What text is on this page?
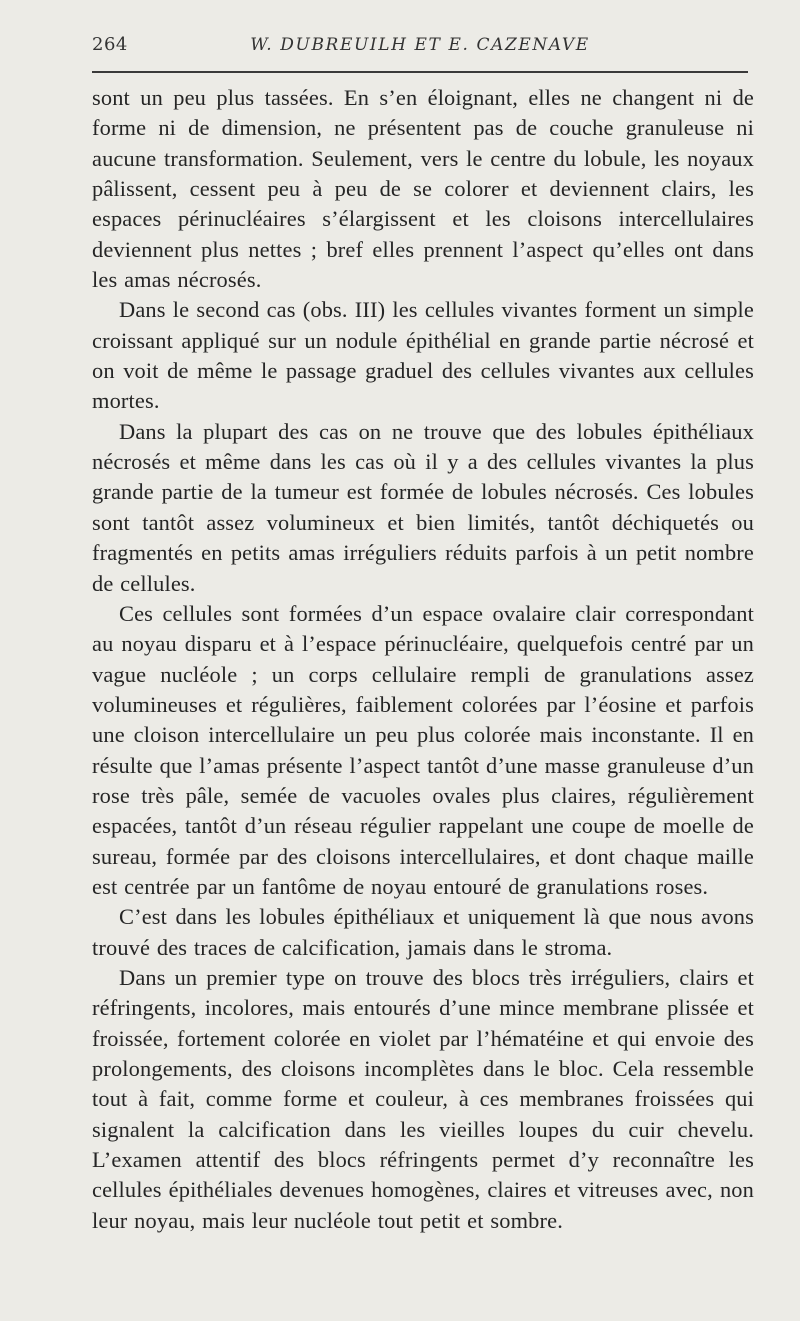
264	W. DUBREUILH ET E. CAZENAVE

sont un peu plus tassées. En s’en éloignant, elles ne changent ni de forme ni de dimension, ne présentent pas de couche granuleuse ni aucune transformation. Seulement, vers le centre du lobule, les noyaux pâlissent, cessent peu à peu de se colorer et deviennent clairs, les espaces périnucléaires s’élargissent et les cloisons intercellulaires deviennent plus nettes ; bref elles prennent l’aspect qu’elles ont dans les amas nécrosés.

Dans le second cas (obs. III) les cellules vivantes forment un simple croissant appliqué sur un nodule épithélial en grande partie nécrosé et on voit de même le passage graduel des cellules vivantes aux cellules mortes.

Dans la plupart des cas on ne trouve que des lobules épithéliaux nécrosés et même dans les cas où il y a des cellules vivantes la plus grande partie de la tumeur est formée de lobules nécrosés. Ces lobules sont tantôt assez volumineux et bien limités, tantôt déchiquetés ou fragmentés en petits amas irréguliers réduits parfois à un petit nombre de cellules.

Ces cellules sont formées d’un espace ovalaire clair correspondant au noyau disparu et à l’espace périnucléaire, quelquefois centré par un vague nucléole ; un corps cellulaire rempli de granulations assez volumineuses et régulières, faiblement colorées par l’éosine et parfois une cloison intercellulaire un peu plus colorée mais inconstante. Il en résulte que l’amas présente l’aspect tantôt d’une masse granuleuse d’un rose très pâle, semée de vacuoles ovales plus claires, régulièrement espacées, tantôt d’un réseau régulier rappelant une coupe de moelle de sureau, formée par des cloisons intercellulaires, et dont chaque maille est centrée par un fantôme de noyau entouré de granulations roses.

C’est dans les lobules épithéliaux et uniquement là que nous avons trouvé des traces de calcification, jamais dans le stroma.

Dans un premier type on trouve des blocs très irréguliers, clairs et réfringents, incolores, mais entourés d’une mince membrane plissée et froissée, fortement colorée en violet par l’hématéine et qui envoie des prolongements, des cloisons incomplètes dans le bloc. Cela ressemble tout à fait, comme forme et couleur, à ces membranes froissées qui signalent la calcification dans les vieilles loupes du cuir chevelu. L’examen attentif des blocs réfringents permet d’y reconnaître les cellules épithéliales devenues homogènes, claires et vitreuses avec, non leur noyau, mais leur nucléole tout petit et sombre.
